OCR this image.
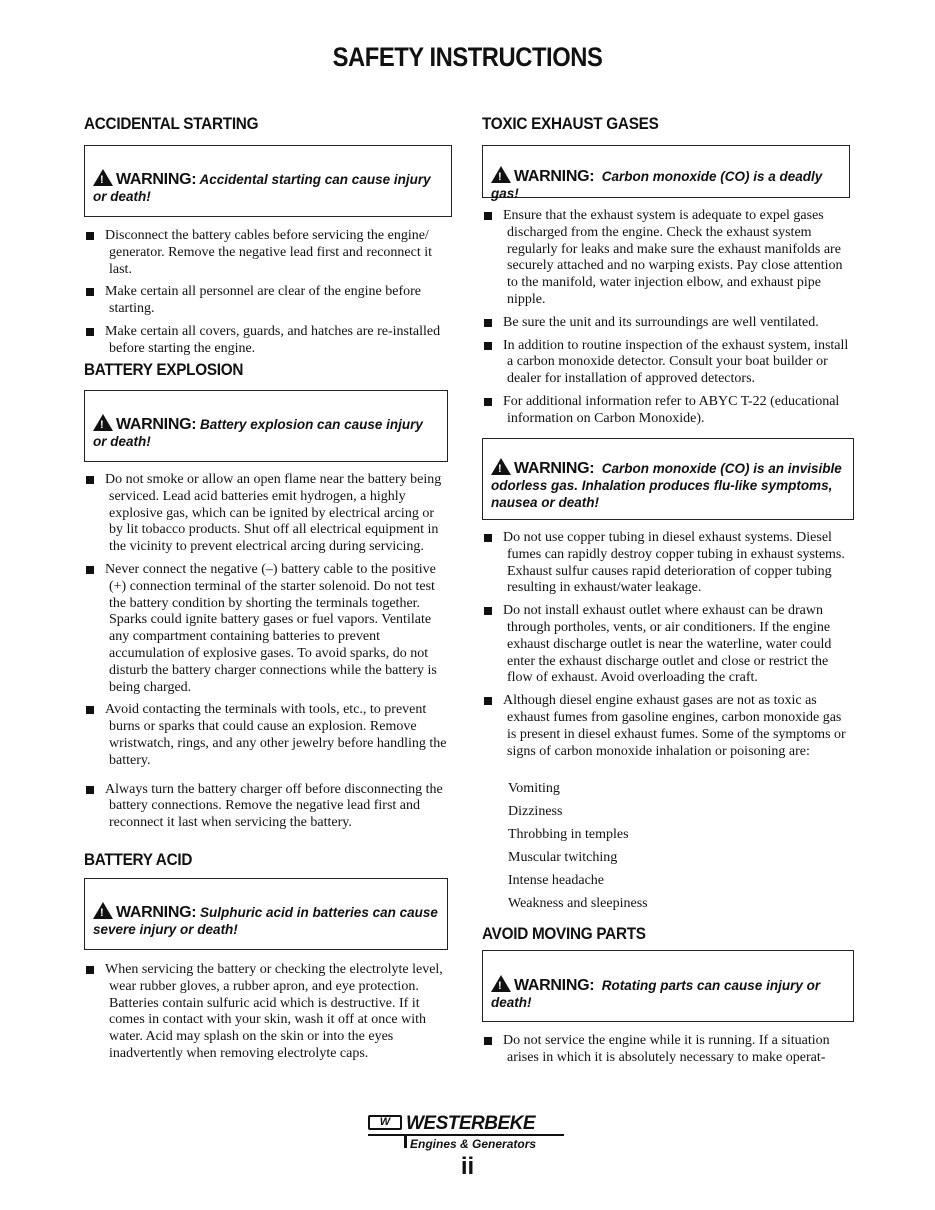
SAFETY INSTRUCTIONS
ACCIDENTAL STARTING
!WARNING: Accidental starting can cause injury or death!
Disconnect the battery cables before servicing the engine/ generator. Remove the negative lead first and reconnect it last.
Make certain all personnel are clear of the engine before starting.
Make certain all covers, guards, and hatches are re-installed before starting the engine.
BATTERY EXPLOSION
!WARNING: Battery explosion can cause injury or death!
Do not smoke or allow an open flame near the battery being serviced. Lead acid batteries emit hydrogen, a highly explosive gas, which can be ignited by electrical arcing or by lit tobacco products. Shut off all electrical equipment in the vicinity to prevent electrical arcing during servicing.
Never connect the negative (–) battery cable to the positive (+) connection terminal of the starter solenoid. Do not test the battery condition by shorting the terminals together. Sparks could ignite battery gases or fuel vapors. Ventilate any compartment containing batteries to prevent accumulation of explosive gases. To avoid sparks, do not disturb the battery charger connections while the battery is being charged.
Avoid contacting the terminals with tools, etc., to prevent burns or sparks that could cause an explosion. Remove wristwatch, rings, and any other jewelry before handling the battery.
Always turn the battery charger off before disconnecting the battery connections. Remove the negative lead first and reconnect it last when servicing the battery.
BATTERY ACID
!WARNING: Sulphuric acid in batteries can cause severe injury or death!
When servicing the battery or checking the electrolyte level, wear rubber gloves, a rubber apron, and eye protection. Batteries contain sulfuric acid which is destructive. If it comes in contact with your skin, wash it off at once with water. Acid may splash on the skin or into the eyes inadvertently when removing electrolyte caps.
TOXIC EXHAUST GASES
!WARNING: Carbon monoxide (CO) is a deadly gas!
Ensure that the exhaust system is adequate to expel gases discharged from the engine. Check the exhaust system regularly for leaks and make sure the exhaust manifolds are securely attached and no warping exists. Pay close attention to the manifold, water injection elbow, and exhaust pipe nipple.
Be sure the unit and its surroundings are well ventilated.
In addition to routine inspection of the exhaust system, install a carbon monoxide detector. Consult your boat builder or dealer for installation of approved detectors.
For additional information refer to ABYC T-22 (educational information on Carbon Monoxide).
!WARNING: Carbon monoxide (CO) is an invisible odorless gas. Inhalation produces flu-like symptoms, nausea or death!
Do not use copper tubing in diesel exhaust systems. Diesel fumes can rapidly destroy copper tubing in exhaust systems. Exhaust sulfur causes rapid deterioration of copper tubing resulting in exhaust/water leakage.
Do not install exhaust outlet where exhaust can be drawn through portholes, vents, or air conditioners. If the engine exhaust discharge outlet is near the waterline, water could enter the exhaust discharge outlet and close or restrict the flow of exhaust. Avoid overloading the craft.
Although diesel engine exhaust gases are not as toxic as exhaust fumes from gasoline engines, carbon monoxide gas is present in diesel exhaust fumes. Some of the symptoms or signs of carbon monoxide inhalation or poisoning are:
Vomiting
Dizziness
Throbbing in temples
Muscular twitching
Intense headache
Weakness and sleepiness
AVOID MOVING PARTS
!WARNING: Rotating parts can cause injury or death!
Do not service the engine while it is running. If a situation arises in which it is absolutely necessary to make operat-
W WESTERBEKE
Engines & Generators
ii
